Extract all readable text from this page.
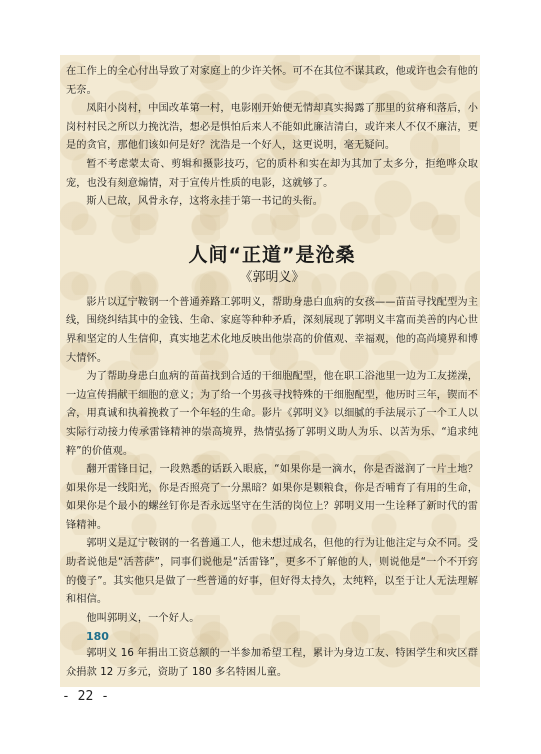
在工作上的全心付出导致了对家庭上的少许关怀。可不在其位不谋其政，他或许也会有他的无奈。

凤阳小岗村，中国改革第一村，电影刚开始便无情却真实揭露了那里的贫瘠和落后，小岗村村民之所以力挽沈浩，想必是惧怕后来人不能如此廉洁清白，或许来人不仅不廉洁，更是的贪官，那他们该如何是好？沈浩是一个好人，这更说明，毫无疑问。

暂不考虑蒙太奇、剪辑和摄影技巧，它的质朴和实在却为其加了太多分，拒绝哗众取宠，也没有刻意煽情，对于宣传片性质的电影，这就够了。

斯人已故，风骨永存，这将永挂于第一书记的头衔。

人间“正道”是沧桑
《郭明义》

影片以辽宁鞍钢一个普通养路工郭明义，帮助身患白血病的女孩——苗苗寻找配型为主线，围绕纠结其中的金钱、生命、家庭等种种矛盾，深刻展现了郭明义丰富而美善的内心世界和坚定的人生信仰，真实地艺术化地反映出他崇高的价值观、幸福观，他的高尚境界和博大情怀。

为了帮助身患白血病的苗苗找到合适的干细胞配型，他在职工浴池里一边为工友搓澡，一边宣传捐献干细胞的意义；为了给一个男孩寻找特殊的干细胞配型，他历时三年，锲而不舍，用真诚和执着挽救了一个年轻的生命。影片《郭明义》以细腻的手法展示了一个工人以实际行动接力传承雷锋精神的崇高境界，热情弘扬了郭明义助人为乐、以苦为乐、“追求纯粹”的价值观。

翻开雷锋日记，一段熟悉的话跃入眼底，“如果你是一滴水，你是否滋润了一片土地？如果你是一线阳光，你是否照亮了一分黑暗？如果你是颗粮食，你是否哺育了有用的生命，如果你是个最小的螺丝钉你是否永远坚守在生活的岗位上？郭明义用一生诠释了新时代的雷锋精神。

郭明义是辽宁鞍钢的一名普通工人，他未想过成名，但他的行为让他注定与众不同。受助者说他是“活菩萨”，同事们说他是“活雷锋”，更多不了解他的人，则说他是“一个不开窍的傻子”。其实他只是做了一些普通的好事，但好得太持久，太纯粹，以至于让人无法理解和相信。

他叫郭明义，一个好人。

180

郭明义 16 年捐出工资总额的一半参加希望工程，累计为身边工友、特困学生和灾区群众捐款 12 万多元，资助了 180 多名特困儿童。

- 22 -
